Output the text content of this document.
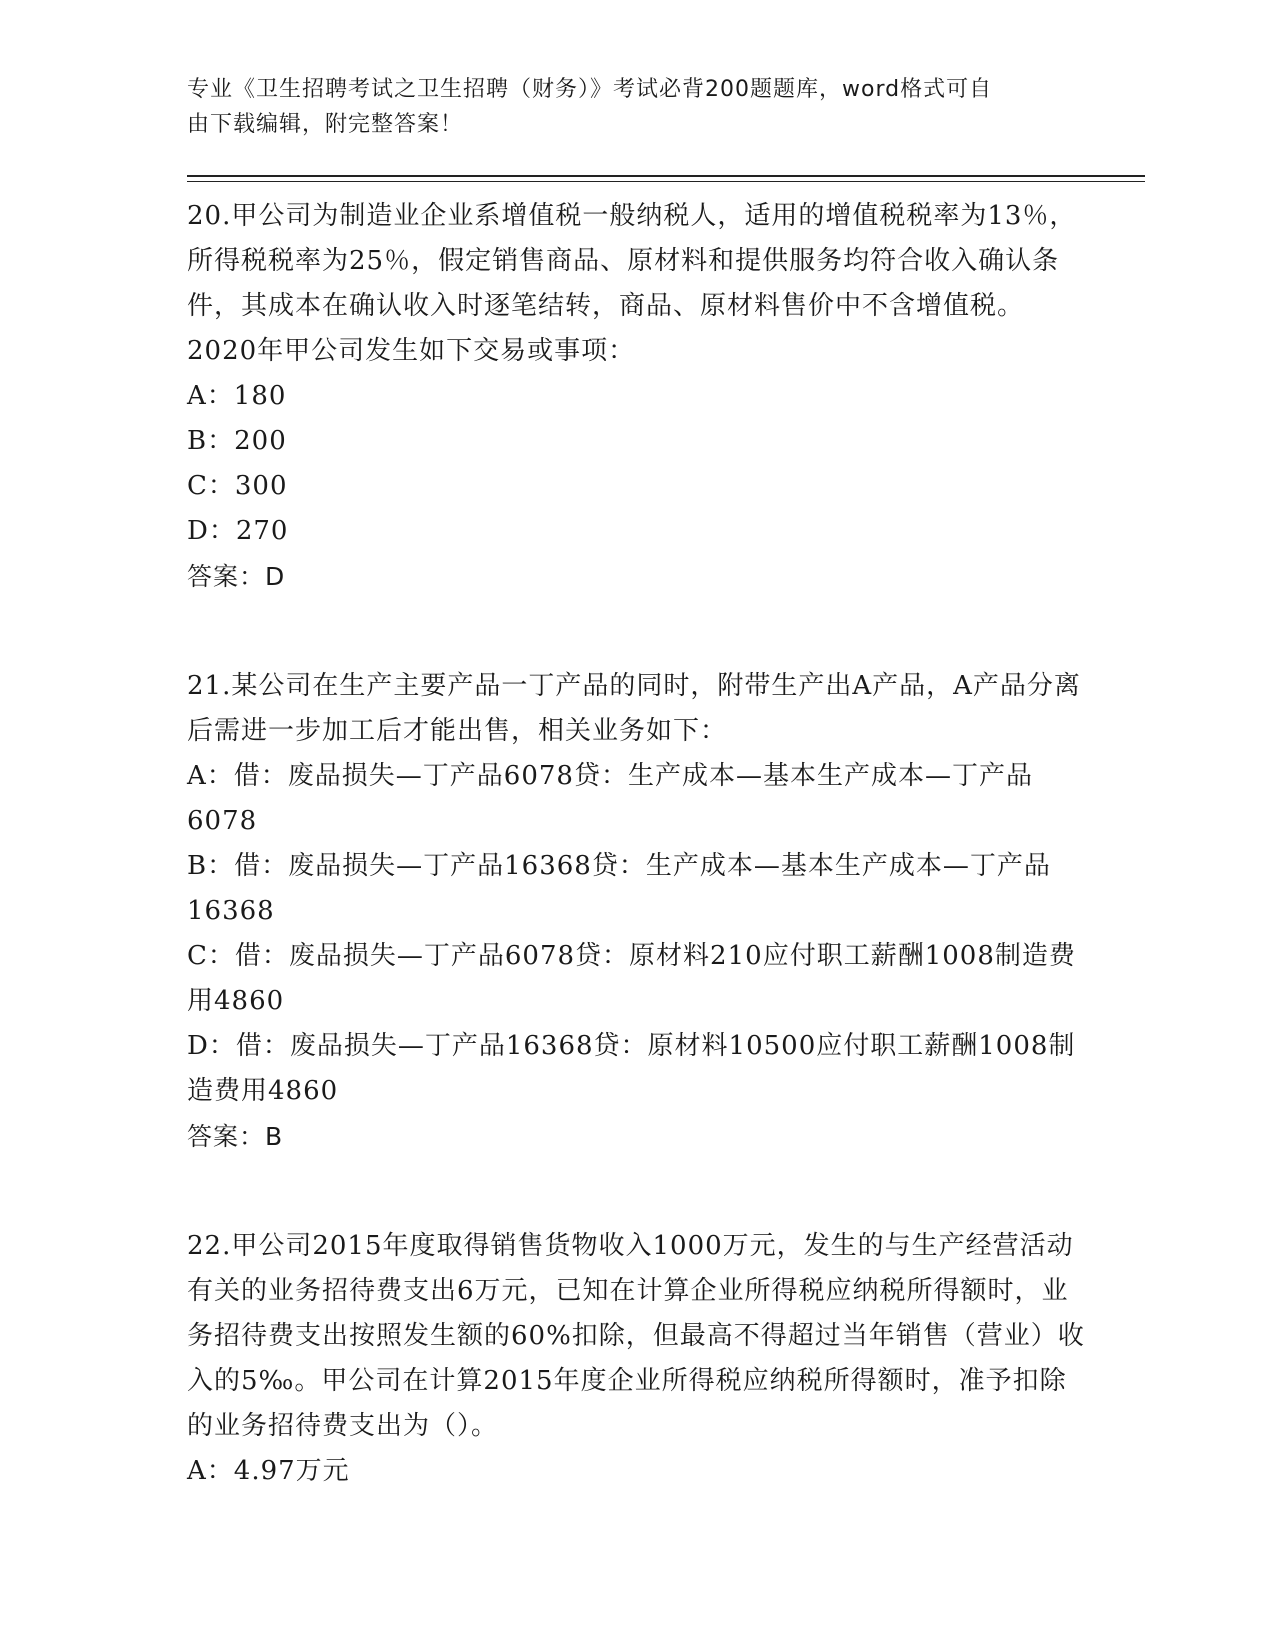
专业《卫生招聘考试之卫生招聘（财务）》考试必背200题题库，word格式可自
由下载编辑，附完整答案！

20.甲公司为制造业企业系增值税一般纳税人，适用的增值税税率为13％，所得税税率为25％，假定销售商品、原材料和提供服务均符合收入确认条件，其成本在确认收入时逐笔结转，商品、原材料售价中不含增值税。2020年甲公司发生如下交易或事项：

A：180

B：200

C：300

D：270

答案：D

21.某公司在生产主要产品一丁产品的同时，附带生产出A产品，A产品分离后需进一步加工后才能出售，相关业务如下：

A：借：废品损失—丁产品6078贷：生产成本—基本生产成本—丁产品6078

B：借：废品损失—丁产品16368贷：生产成本—基本生产成本—丁产品16368

C：借：废品损失—丁产品6078贷：原材料210应付职工薪酬1008制造费用4860

D：借：废品损失—丁产品16368贷：原材料10500应付职工薪酬1008制造费用4860

答案：B

22.甲公司2015年度取得销售货物收入1000万元，发生的与生产经营活动有关的业务招待费支出6万元，已知在计算企业所得税应纳税所得额时，业务招待费支出按照发生额的60%扣除，但最高不得超过当年销售（营业）收入的5‰。甲公司在计算2015年度企业所得税应纳税所得额时，准予扣除的业务招待费支出为（）。

A：4.97万元
